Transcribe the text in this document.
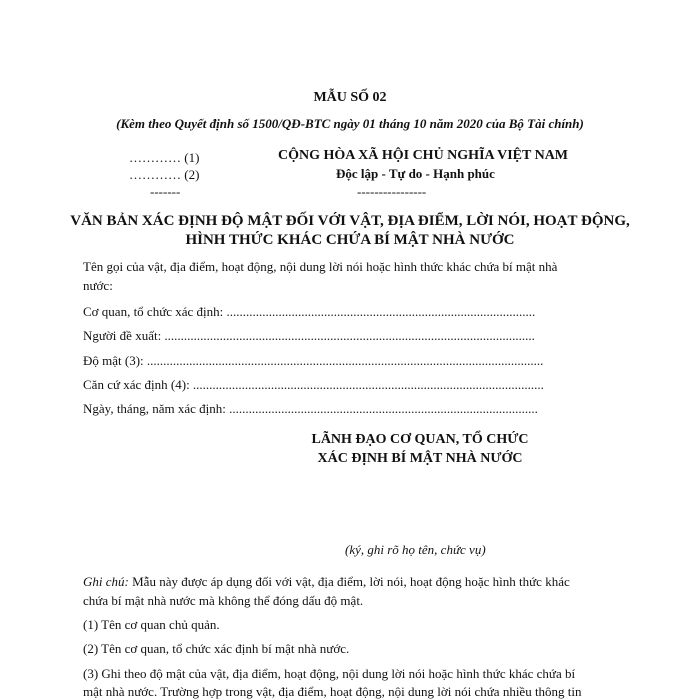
MẪU SỐ 02
(Kèm theo Quyết định số 1500/QĐ-BTC ngày 01 tháng 10 năm 2020 của Bộ Tài chính)
………… (1)
………… (2)
-------
CỘNG HÒA XÃ HỘI CHỦ NGHĨA VIỆT NAM
Độc lập - Tự do - Hạnh phúc
----------------
VĂN BẢN XÁC ĐỊNH ĐỘ MẬT ĐỐI VỚI VẬT, ĐỊA ĐIỂM, LỜI NÓI, HOẠT ĐỘNG,
HÌNH THỨC KHÁC CHỨA BÍ MẬT NHÀ NƯỚC
Tên gọi của vật, địa điểm, hoạt động, nội dung lời nói hoặc hình thức khác chứa bí mật nhà
nước:
Cơ quan, tổ chức xác định: ...............................................................................................
Người đề xuất: ..................................................................................................................
Độ mật (3): ..........................................................................................................................
Căn cứ xác định (4): ............................................................................................................
Ngày, tháng, năm xác định: ...............................................................................................
LÃNH ĐẠO CƠ QUAN, TỔ CHỨC
XÁC ĐỊNH BÍ MẬT NHÀ NƯỚC
(ký, ghi rõ họ tên, chức vụ)
Ghi chú: Mẫu này được áp dụng đối với vật, địa điểm, lời nói, hoạt động hoặc hình thức khác
chứa bí mật nhà nước mà không thể đóng dấu độ mật.
(1) Tên cơ quan chủ quản.
(2) Tên cơ quan, tổ chức xác định bí mật nhà nước.
(3) Ghi theo độ mật của vật, địa điểm, hoạt động, nội dung lời nói hoặc hình thức khác chứa bí
mật nhà nước. Trường hợp trong vật, địa điểm, hoạt động, nội dung lời nói chứa nhiều thông tin
